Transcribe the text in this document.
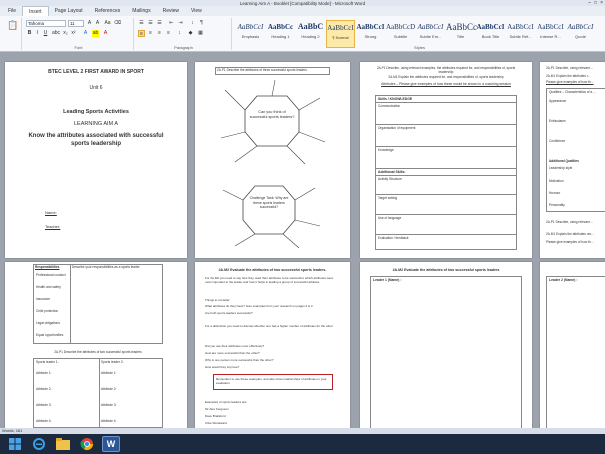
Learning Aim A - Booklet [Compatibility Mode] - Microsoft Word	– □ ×
File	Insert	Page Layout	References	Mailings	Review	View
📋	Tahoma	11	A A	Aa ⌫
B	I	U abc x₂ x²	A	ab	A
Font
☰ ☰ ☰ ⇤ ⇥	↕	¶
≡	≡	≡	≡	↕	◆	▦
Paragraph
AaBbCcI
Emphasis
AaBbCc
Heading 1
AaBbC
Heading 2
AaBbCcI
¶ Normal
AaBbCcI
Strong
AaBbCcD
Subtitle
AaBbCcI
Subtle Em...
AaBbCc
Title
AaBbCcI
Book Title
AaBbCcI
Subtle Ref...
AaBbCcI
Intense R...
AaBbCcI
Quote
Styles
BTEC LEVEL 2 FIRST AWARD IN SPORT
Unit 6
Leading Sports Activities
LEARNING AIM A
Know the attributes associated with successful sports leadership
Name:
Teacher:
2A.P1 Describe the attributes of three successful sports leaders
Can you think of successful sports leaders?
Challenge Task: Why are these sports leaders successful?
2A.P1 Describe, using relevant examples, the attributes required for, and responsibilities of, sports leadership
2A.M1 Explain the attributes required for, and responsibilities of, sports leadership
Attributes – Please give examples of how these would be shown in a coaching session
Skills / KNOWLEDGE
Communication
Organisation of equipment
Knowledge
Additional Skills:
Activity Structure
Target setting
Use of language
Evaluation / feedback
2A.P1 Describe, using relevant ...
2A.M1 Explain the attributes r...
Please give examples of how th...
Qualities – Characteristics of a ...
Appearance
Enthusiasm
Confidence
Additional Qualities
Leadership style
Motivation
Humour
Personality
2A.P1 Describe, using relevant ...
2A.M1 Explain the attributes rec...
Please give examples of how th...
Responsibilities	Describe your responsibilities as a sports leader
Professional conduct
Health and safety
Insurance
Child protection
Legal obligations
Equal opportunities
2A.P1 Describe the attributes of two successful sports leaders
Sports leader 1:	Sports leader 2:
Attribute 1:	Attribute 1:
Attribute 2:	Attribute 2:
Attribute 3:	Attribute 3:
Attribute 4:	Attribute 4:
2A.M2 Evaluate the attributes of two successful sports leaders.
For 2A.M2 you need to say how they used their attributes to be successful, which attributes were most important to the leader and how it helps in leading a group of successful athletes.
Things to consider:
What attributes do they have? Give examples from your research on pages 2 & 3
Are both sports leaders successful?
For a distinction you need to discuss whether one has a higher number of attributes for the other.
Did you use their attributes more effectively?
How are more successful than the other?
Why is one person more successful than the other?
How would they improve?
Remember to use these examples, and also show relationships of attributes in your evaluation.
Examples of sports leaders are:
Sir Alex Ferguson
Dave Brailsford
Clive Woodward
2A.M2 Evaluate the attributes of two successful sports leaders
Leader 1 (Name) :	Leader 2 (Name) :
Words: 161
W
